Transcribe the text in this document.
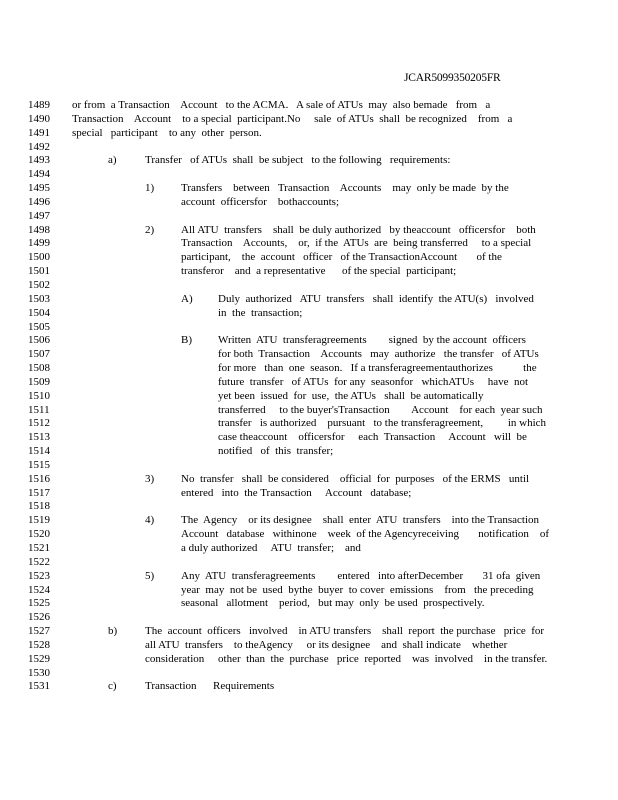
JCAR5099350205FR
1489	or from  a Transaction    Account   to the ACMA.   A sale of ATUs  may  also bemade   from   a
1490	Transaction    Account    to a special  participant.No     sale  of ATUs  shall  be recognized    from   a
1491	special   participant    to any  other  person.
1492
1493	a)	Transfer   of ATUs  shall  be subject   to the following   requirements:
1494
1495	1) Transfers    between   Transaction    Accounts    may  only be made  by the
1496	account  officersfor    bothaccounts;
1497
1498	2) All ATU  transfers    shall  be duly authorized   by theaccount   officersfor    both
1499	Transaction    Accounts,    or,  if the  ATUs  are  being transferred     to a special
1500	participant,    the  account   officer   of the TransactionAccount       of the
1501	transferor    and  a representative      of the special  participant;
1502
1503	A) Duly  authorized   ATU  transfers   shall  identify  the ATU(s)   involved
1504	in  the  transaction;
1505
1506	B) Written  ATU  transferagreements        signed  by the account  officers
1507	for both  Transaction    Accounts   may  authorize   the transfer   of ATUs
1508	for more   than  one  season.   If a transferagreementauthorizes           the
1509	future  transfer   of ATUs  for any  seasonfor   whichATUs     have  not
1510	yet been  issued  for  use,  the ATUs   shall  be automatically
1511	transferred     to the buyer'sTransaction        Account    for each  year such
1512	transfer   is authorized    pursuant   to the transferagreement,         in which
1513	case theaccount    officersfor     each  Transaction     Account   will  be
1514	notified   of  this  transfer;
1515
1516	3) No  transfer   shall  be considered    official  for  purposes   of the ERMS   until
1517	entered   into  the Transaction     Account   database;
1518
1519	4) The  Agency    or its designee    shall  enter  ATU  transfers    into the Transaction
1520	Account   database   withinone    week  of the Agencyreceiving       notification    of
1521	a duly authorized     ATU  transfer;    and
1522
1523	5) Any  ATU  transferagreements        entered   into afterDecember       31 ofa  given
1524	year  may  not be  used  bythe  buyer  to cover  emissions    from   the preceding
1525	seasonal   allotment    period,   but may  only  be used  prospectively.
1526
1527	b)	The  account  officers   involved    in ATU transfers    shall  report  the purchase   price  for
1528	all ATU  transfers    to theAgency     or its designee    and  shall indicate    whether
1529	consideration     other  than  the  purchase   price  reported    was  involved    in the transfer.
1530
1531	c)	Transaction      Requirements
